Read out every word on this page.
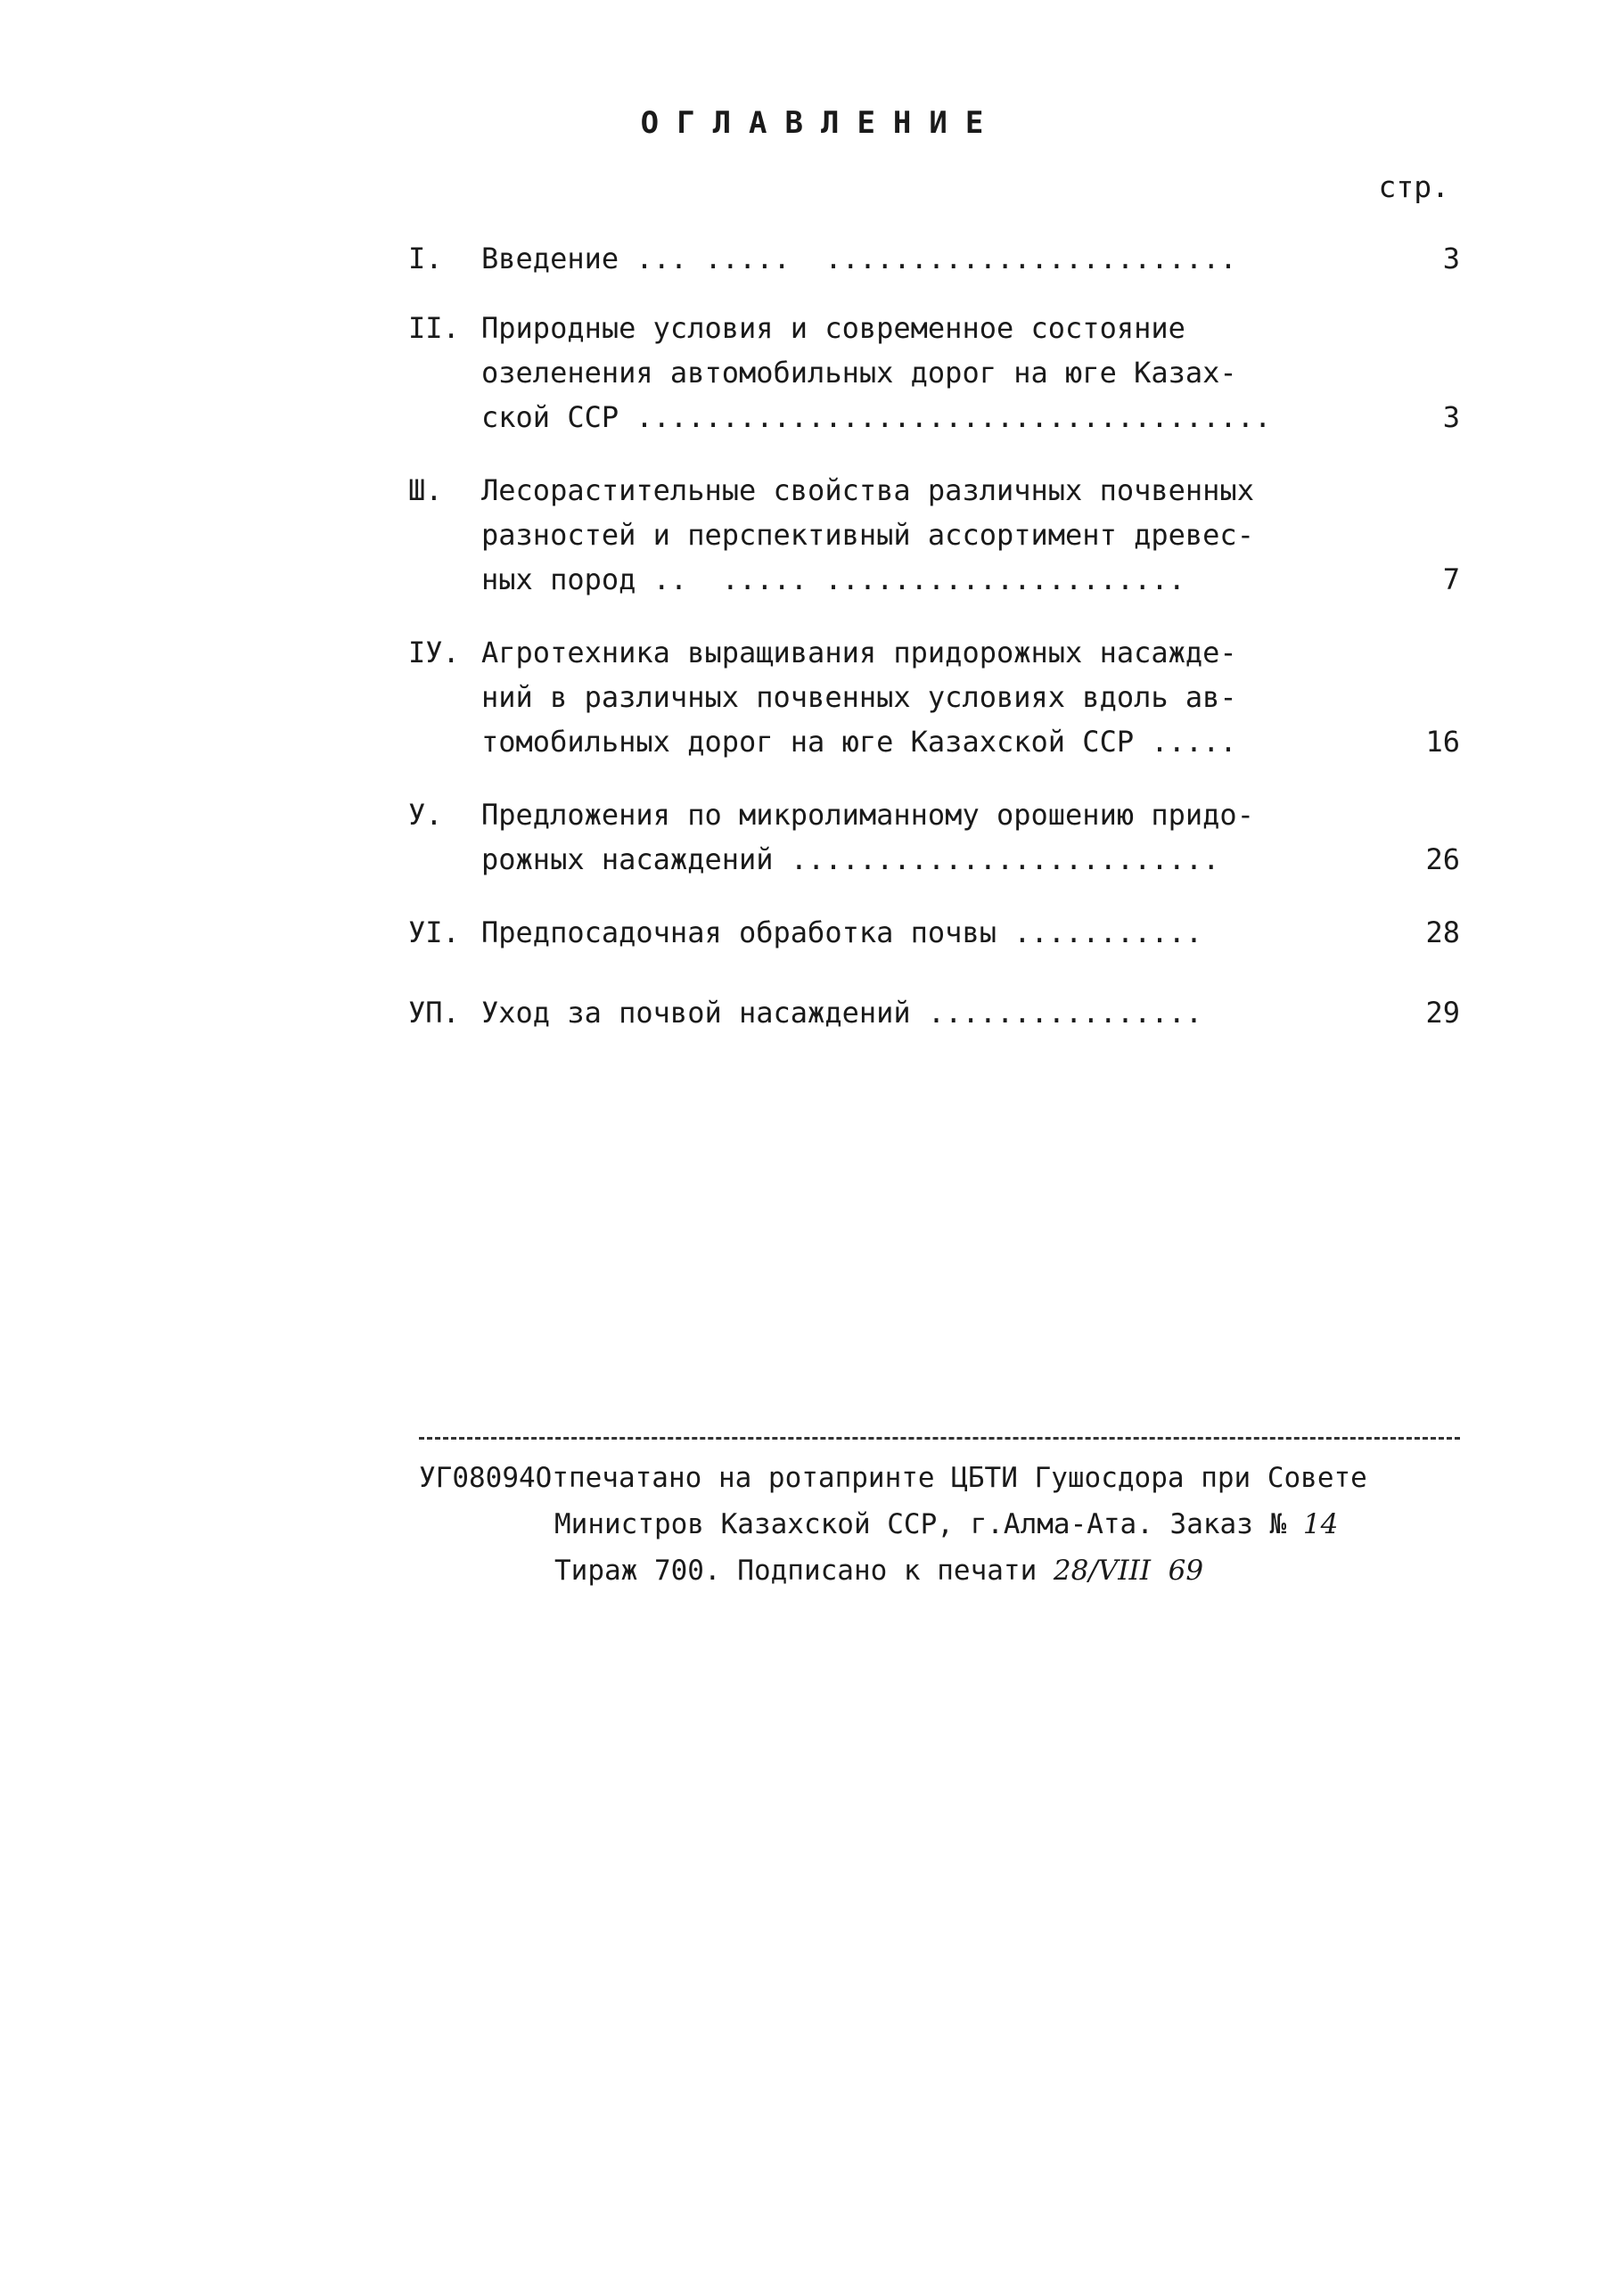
ОГЛАВЛЕНИЕ
стр.
I.	Введение ... .....  ........................	3
II. Природные условия и современное состояние
озеленения автомобильных дорог на юге Казах-
ской ССР .....................................	3
Ш.	Лесорастительные свойства различных почвенных
разностей и перспективный ассортимент древес-
ных пород ..  ..... .....................	7
IУ. Агротехника выращивания придорожных насажде-
ний в различных почвенных условиях вдоль ав-
томобильных дорог на юге Казахской ССР .....	16
У.	Предложения по микролиманному орошению придо-
рожных насаждений .........................	26
УI. Предпосадочная обработка почвы ...........	28
УП. Уход за почвой насаждений ................	29
УГ08094Отпечатано на ротапринте ЦБТИ Гушосдора при Совете
Министров Казахской ССР, г.Алма-Ата. Заказ № 14
Тираж 700. Подписано к печати 28/VIII  69
